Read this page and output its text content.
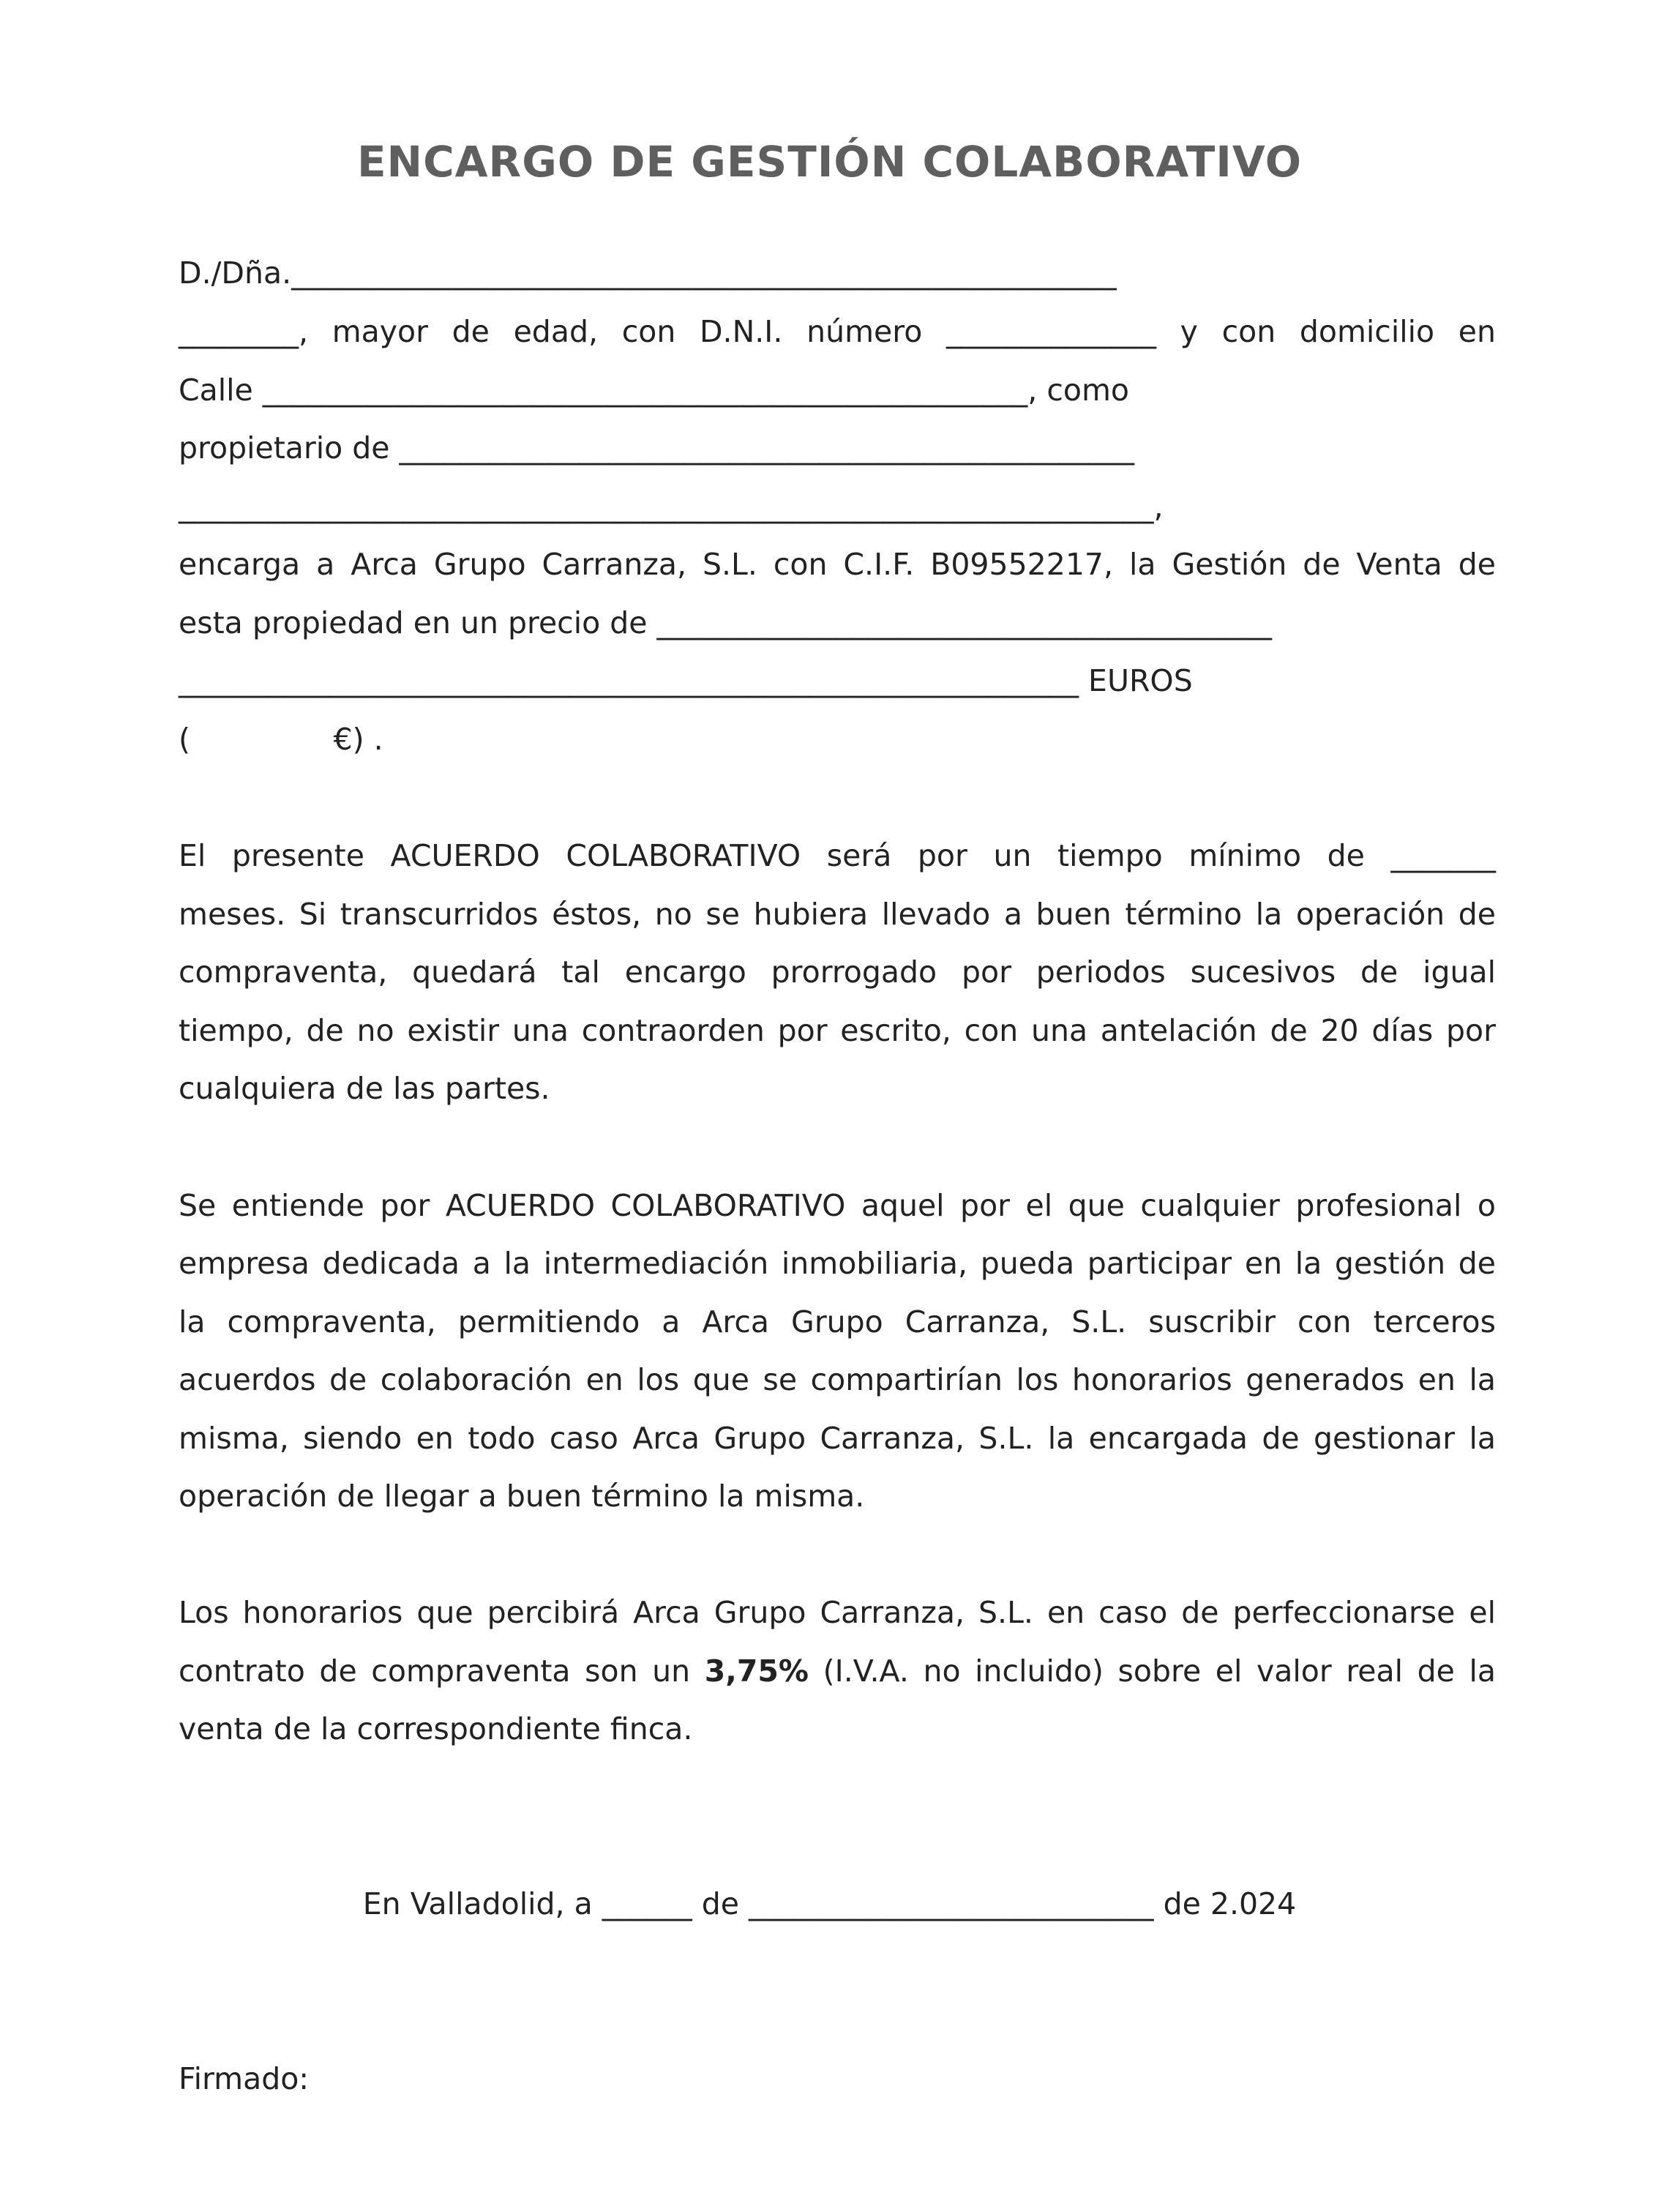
ENCARGO DE GESTIÓN COLABORATIVO

D./Dña._______________________________________________________

________, mayor de edad, con D.N.I. número ______________ y con domicilio en

Calle ___________________________________________________, como

propietario de _________________________________________________

_________________________________________________________________,

encarga a Arca Grupo Carranza, S.L. con C.I.F. B09552217, la Gestión de Venta de

esta propiedad en un precio de _________________________________________

____________________________________________________________ EUROS

(               €) .

El presente ACUERDO COLABORATIVO será por un tiempo mínimo de _______

meses. Si transcurridos éstos, no se hubiera llevado a buen término la operación de

compraventa, quedará tal encargo prorrogado por periodos sucesivos de igual

tiempo, de no existir una contraorden por escrito, con una antelación de 20 días por

cualquiera de las partes.

Se entiende por ACUERDO COLABORATIVO aquel por el que cualquier profesional o

empresa dedicada a la intermediación inmobiliaria, pueda participar en la gestión de

la compraventa, permitiendo a Arca Grupo Carranza, S.L. suscribir con terceros

acuerdos de colaboración en los que se compartirían los honorarios generados en la

misma, siendo en todo caso Arca Grupo Carranza, S.L. la encargada de gestionar la

operación de llegar a buen término la misma.

Los honorarios que percibirá Arca Grupo Carranza, S.L. en caso de perfeccionarse el

contrato de compraventa son un 3,75% (I.V.A. no incluido) sobre el valor real de la

venta de la correspondiente finca.

En Valladolid, a ______ de ___________________________ de 2.024

Firmado:
